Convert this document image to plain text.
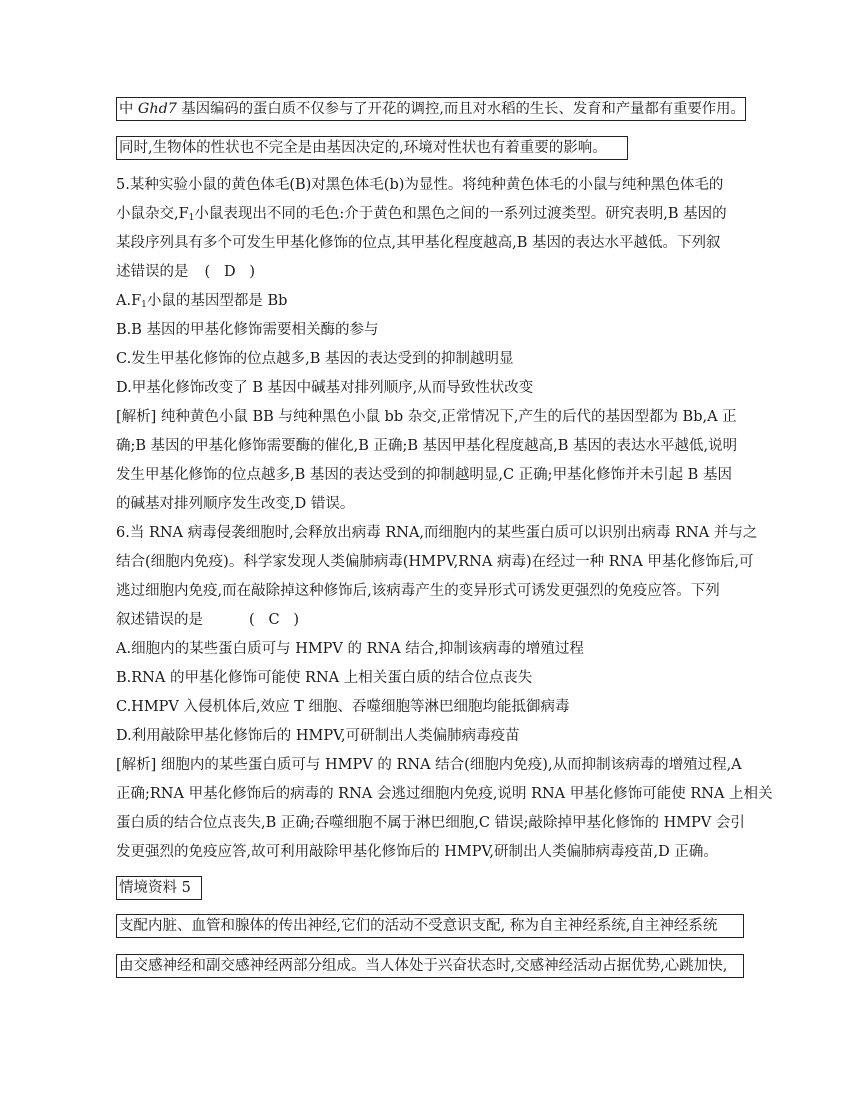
中 Ghd7 基因编码的蛋白质不仅参与了开花的调控,而且对水稻的生长、发育和产量都有重要作用。
同时,生物体的性状也不完全是由基因决定的,环境对性状也有着重要的影响。
5.某种实验小鼠的黄色体毛(B)对黑色体毛(b)为显性。将纯种黄色体毛的小鼠与纯种黑色体毛的
小鼠杂交$,F_1$小鼠表现出不同的毛色:介于黄色和黑色之间的一系列过渡类型。研究表明,B 基因的
某段序列具有多个可发生甲基化修饰的位点,其甲基化程度越高,B 基因的表达水平越低。下列叙
述错误的是 (   D   )
$A.F_1$小鼠的基因型都是 Bb
B.B 基因的甲基化修饰需要相关酶的参与
C.发生甲基化修饰的位点越多,B 基因的表达受到的抑制越明显
D.甲基化修饰改变了 B 基因中碱基对排列顺序,从而导致性状改变
[解析] 纯种黄色小鼠 BB 与纯种黑色小鼠 bb 杂交,正常情况下,产生的后代的基因型都为 Bb,A 正
确;B 基因的甲基化修饰需要酶的催化,B 正确;B 基因甲基化程度越高,B 基因的表达水平越低,说明
发生甲基化修饰的位点越多,B 基因的表达受到的抑制越明显,C 正确;甲基化修饰并未引起 B 基因
的碱基对排列顺序发生改变,D 错误。
6.当 RNA 病毒侵袭细胞时,会释放出病毒 RNA,而细胞内的某些蛋白质可以识别出病毒 RNA 并与之
结合(细胞内免疫)。科学家发现人类偏肺病毒(HMPV,RNA 病毒)在经过一种 RNA 甲基化修饰后,可
逃过细胞内免疫,而在敲除掉这种修饰后,该病毒产生的变异形式可诱发更强烈的免疫应答。下列
叙述错误的是	(   C   )
A.细胞内的某些蛋白质可与 HMPV 的 RNA 结合,抑制该病毒的增殖过程
B.RNA 的甲基化修饰可能使 RNA 上相关蛋白质的结合位点丧失
C.HMPV 入侵机体后,效应 T 细胞、吞噬细胞等淋巴细胞均能抵御病毒
D.利用敲除甲基化修饰后的 HMPV,可研制出人类偏肺病毒疫苗
[解析] 细胞内的某些蛋白质可与 HMPV 的 RNA 结合(细胞内免疫),从而抑制该病毒的增殖过程,A
正确;RNA 甲基化修饰后的病毒的 RNA 会逃过细胞内免疫,说明 RNA 甲基化修饰可能使 RNA 上相关
蛋白质的结合位点丧失,B 正确;吞噬细胞不属于淋巴细胞,C 错误;敲除掉甲基化修饰的 HMPV 会引
发更强烈的免疫应答,故可利用敲除甲基化修饰后的 HMPV,研制出人类偏肺病毒疫苗,D 正确。
情境资料 5
支配内脏、血管和腺体的传出神经,它们的活动不受意识支配, 称为自主神经系统,自主神经系统
由交感神经和副交感神经两部分组成。当人体处于兴奋状态时,交感神经活动占据优势,心跳加快,
